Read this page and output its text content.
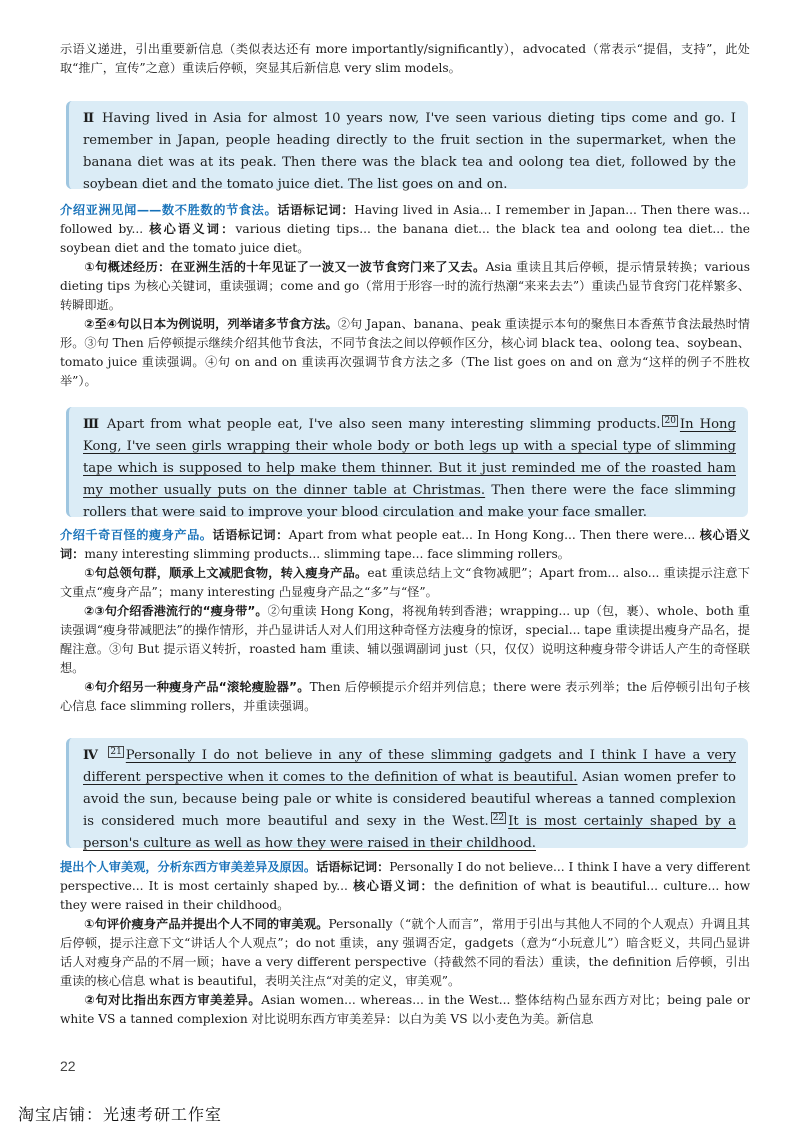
示语义递进，引出重要新信息（类似表达还有 more importantly/significantly），advocated（常表示“提倡，支持”，此处取“推广，宣传”之意）重读后停顿，突显其后新信息 very slim models。
Ⅱ Having lived in Asia for almost 10 years now, I've seen various dieting tips come and go. I remember in Japan, people heading directly to the fruit section in the supermarket, when the banana diet was at its peak. Then there was the black tea and oolong tea diet, followed by the soybean diet and the tomato juice diet. The list goes on and on.
介绍亚洲见闻——数不胜数的节食法。话语标记词：Having lived in Asia... I remember in Japan... Then there was... followed by... 核心语义词：various dieting tips... the banana diet... the black tea and oolong tea diet... the soybean diet and the tomato juice diet。
①句概述经历：在亚洲生活的十年见证了一波又一波节食窍门来了又去。Asia 重读且其后停顿，提示情景转换；various dieting tips 为核心关键词，重读强调；come and go（常用于形容一时的流行热潮“来来去去”）重读凸显节食窍门花样繁多、转瞬即逝。
②至④句以日本为例说明，列举诸多节食方法。②句 Japan、banana、peak 重读提示本句的聚焦日本香蕉节食法最热时情形。③句 Then 后停顿提示继续介绍其他节食法，不同节食法之间以停顿作区分，核心词 black tea、oolong tea、soybean、tomato juice 重读强调。④句 on and on 重读再次强调节食方法之多（The list goes on and on 意为“这样的例子不胜枚举”）。
Ⅲ Apart from what people eat, I've also seen many interesting slimming products. $^{20}$ In Hong Kong, I've seen girls wrapping their whole body or both legs up with a special type of slimming tape which is supposed to help make them thinner. But it just reminded me of the roasted ham my mother usually puts on the dinner table at Christmas. Then there were the face slimming rollers that were said to improve your blood circulation and make your face smaller.
介绍千奇百怪的瘦身产品。话语标记词：Apart from what people eat... In Hong Kong... Then there were... 核心语义词：many interesting slimming products... slimming tape... face slimming rollers。
①句总领句群，顺承上文减肥食物，转入瘦身产品。eat 重读总结上文“食物减肥”；Apart from... also... 重读提示注意下文重点“瘦身产品”；many interesting 凸显瘦身产品之“多”与“怪”。
②③句介绍香港流行的“瘦身带”。②句重读 Hong Kong，将视角转到香港；wrapping... up（包，裹）、whole、both 重读强调“瘦身带减肥法”的操作情形，并凸显讲话人对人们用这种奇怪方法瘦身的惊讶，special... tape 重读提出瘦身产品名，提醒注意。③句 But 提示语义转折，roasted ham 重读、辅以强调副词 just（只，仅仅）说明这种瘦身带令讲话人产生的奇怪联想。
④句介绍另一种瘦身产品“滚轮瘦脸器”。Then 后停顿提示介绍并列信息；there were 表示列举；the 后停顿引出句子核心信息 face slimming rollers，并重读强调。
Ⅳ $^{21}$ Personally I do not believe in any of these slimming gadgets and I think I have a very different perspective when it comes to the definition of what is beautiful. Asian women prefer to avoid the sun, because being pale or white is considered beautiful whereas a tanned complexion is considered much more beautiful and sexy in the West. $^{22}$ It is most certainly shaped by a person's culture as well as how they were raised in their childhood.
提出个人审美观，分析东西方审美差异及原因。话语标记词：Personally I do not believe... I think I have a very different perspective... It is most certainly shaped by... 核心语义词：the definition of what is beautiful... culture... how they were raised in their childhood。
①句评价瘦身产品并提出个人不同的审美观。Personally（“就个人而言”，常用于引出与其他人不同的个人观点）升调且其后停顿，提示注意下文“讲话人个人观点”；do not 重读，any 强调否定，gadgets（意为“小玩意儿”）暗含贬义，共同凸显讲话人对瘦身产品的不屑一顾；have a very different perspective（持截然不同的看法）重读，the definition 后停顿，引出重读的核心信息 what is beautiful，表明关注点“对美的定义，审美观”。
②句对比指出东西方审美差异。Asian women... whereas... in the West... 整体结构凸显东西方对比；being pale or white VS a tanned complexion 对比说明东西方审美差异：以白为美 VS 以小麦色为美。新信息
22
淘宝店铺：光速考研工作室
